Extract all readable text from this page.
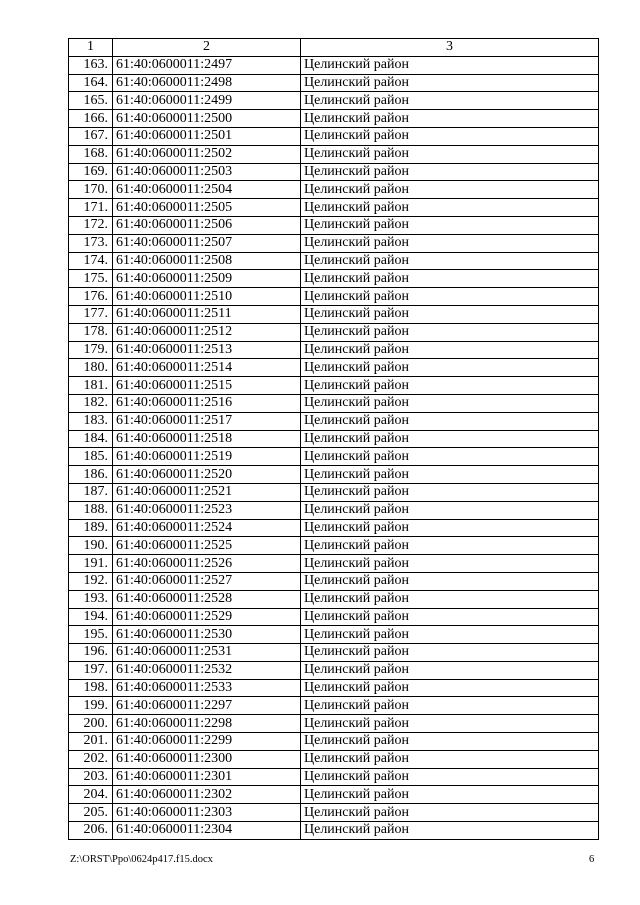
1	2	3
163.	61:40:0600011:2497	Целинский район
164.	61:40:0600011:2498	Целинский район
165.	61:40:0600011:2499	Целинский район
166.	61:40:0600011:2500	Целинский район
167.	61:40:0600011:2501	Целинский район
168.	61:40:0600011:2502	Целинский район
169.	61:40:0600011:2503	Целинский район
170.	61:40:0600011:2504	Целинский район
171.	61:40:0600011:2505	Целинский район
172.	61:40:0600011:2506	Целинский район
173.	61:40:0600011:2507	Целинский район
174.	61:40:0600011:2508	Целинский район
175.	61:40:0600011:2509	Целинский район
176.	61:40:0600011:2510	Целинский район
177.	61:40:0600011:2511	Целинский район
178.	61:40:0600011:2512	Целинский район
179.	61:40:0600011:2513	Целинский район
180.	61:40:0600011:2514	Целинский район
181.	61:40:0600011:2515	Целинский район
182.	61:40:0600011:2516	Целинский район
183.	61:40:0600011:2517	Целинский район
184.	61:40:0600011:2518	Целинский район
185.	61:40:0600011:2519	Целинский район
186.	61:40:0600011:2520	Целинский район
187.	61:40:0600011:2521	Целинский район
188.	61:40:0600011:2523	Целинский район
189.	61:40:0600011:2524	Целинский район
190.	61:40:0600011:2525	Целинский район
191.	61:40:0600011:2526	Целинский район
192.	61:40:0600011:2527	Целинский район
193.	61:40:0600011:2528	Целинский район
194.	61:40:0600011:2529	Целинский район
195.	61:40:0600011:2530	Целинский район
196.	61:40:0600011:2531	Целинский район
197.	61:40:0600011:2532	Целинский район
198.	61:40:0600011:2533	Целинский район
199.	61:40:0600011:2297	Целинский район
200.	61:40:0600011:2298	Целинский район
201.	61:40:0600011:2299	Целинский район
202.	61:40:0600011:2300	Целинский район
203.	61:40:0600011:2301	Целинский район
204.	61:40:0600011:2302	Целинский район
205.	61:40:0600011:2303	Целинский район
206.	61:40:0600011:2304	Целинский район
Z:\ORST\Ppo\0624p417.f15.docx	6
